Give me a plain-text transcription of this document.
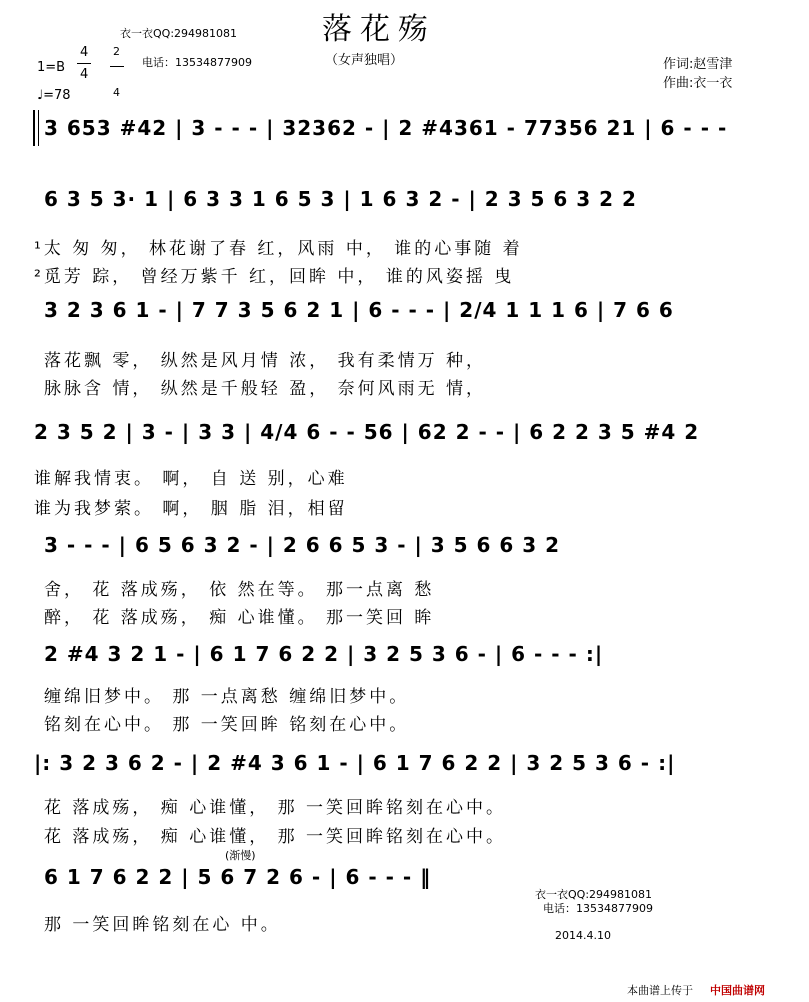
落花殇
衣一衣QQ:294981081
电话：13534877909	（女声独唱）	作词:赵雪津
作曲:衣一衣
1=B
4
4
2
4
♩=78
3 653 #42 | 3 - - - | 32362 - | 2 #4361 - 77356 21 | 6 - - -
6 3 5 3· 1 | 6 3 3 1 6 5 3 | 1 6 3 2 - | 2 3 5 6 3 2 2
¹太 匆 匆， 林花谢了春 红，风雨 中， 谁的心事随 着
²觅芳 踪， 曾经万紫千 红，回眸 中， 谁的风姿摇 曳
3 2 3 6 1 - | 7 7 3 5 6 2 1 | 6 - - - | 2/4 1 1 1 6 | 7 6 6
落花飘 零， 纵然是风月情 浓， 我有柔情万 种，
脉脉含 情， 纵然是千般轻 盈， 奈何风雨无 情，
2 3 5 2 | 3 - | 3 3 | 4/4 6 - - 56 | 62 2 - - | 6 2 2 3 5 #4 2
谁解我情衷。 啊， 自 送 别，心难
谁为我梦萦。 啊， 胭 脂 泪，相留
3 - - - | 6 5 6 3 2 - | 2 6 6 5 3 - | 3 5 6 6 3 2
舍， 花 落成殇， 依 然在等。 那一点离 愁
醉， 花 落成殇， 痴 心谁懂。 那一笑回 眸
2 #4 3 2 1 - | 6 1 7 6 2 2 | 3 2 5 3 6 - | 6 - - - :|
缠绵旧梦中。 那 一点离愁 缠绵旧梦中。
铭刻在心中。 那 一笑回眸 铭刻在心中。
|: 3 2 3 6 2 - | 2 #4 3 6 1 - | 6 1 7 6 2 2 | 3 2 5 3 6 - :|
花 落成殇， 痴 心谁懂， 那 一笑回眸铭刻在心中。
花 落成殇， 痴 心谁懂， 那 一笑回眸铭刻在心中。
(渐慢)
6 1 7 6 2 2 | 5 6 7 2 6 - | 6 - - - ‖
那 一笑回眸铭刻在心 中。
衣一衣QQ:294981081
电话：13534877909
2014.4.10
本曲谱上传于 中国曲谱网
